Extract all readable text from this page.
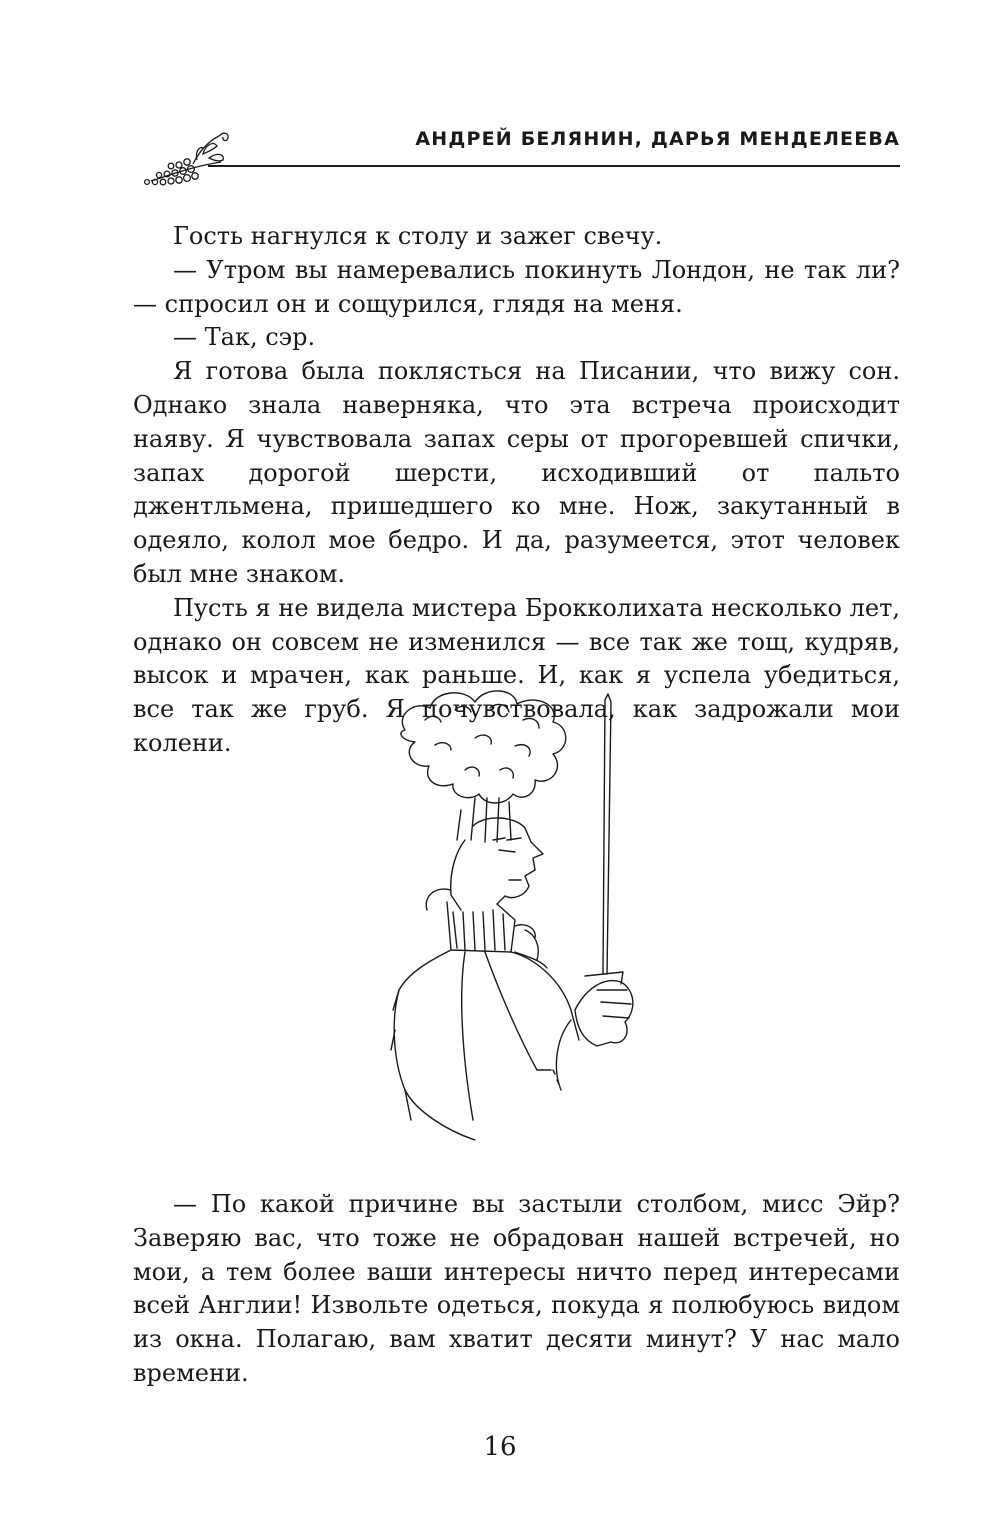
АНДРЕЙ БЕЛЯНИН, ДАРЬЯ МЕНДЕЛЕЕВА

Гость нагнулся к столу и зажег свечу.

— Утром вы намеревались покинуть Лондон, не так ли? — спросил он и сощурился, глядя на меня.

— Так, сэр.

Я готова была поклясться на Писании, что вижу сон. Однако знала наверняка, что эта встреча происходит наяву. Я чувствовала запах серы от прогоревшей спички, запах дорогой шерсти, исходивший от пальто джентльмена, пришедшего ко мне. Нож, закутанный в одеяло, колол мое бедро. И да, разумеется, этот человек был мне знаком.

Пусть я не видела мистера Брокколихата несколько лет, однако он совсем не изменился — все так же тощ, кудряв, высок и мрачен, как раньше. И, как я успела убедиться, все так же груб. Я почувствовала, как задрожали мои колени.

— По какой причине вы застыли столбом, мисс Эйр? Заверяю вас, что тоже не обрадован нашей встречей, но мои, а тем более ваши интересы ничто перед интересами всей Англии! Извольте одеться, покуда я полюбуюсь видом из окна. Полагаю, вам хватит десяти минут? У нас мало времени.

16
